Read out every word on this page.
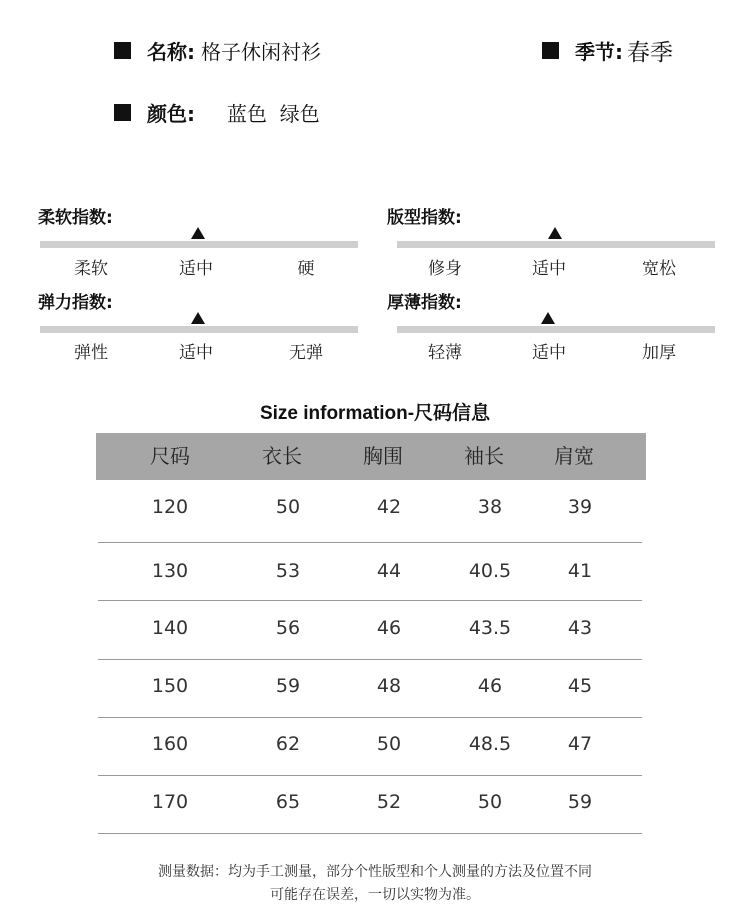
名称: 格子休闲衬衫	季节: 春季
颜色: 蓝色  绿色
柔软指数:
柔软	适中	硬
版型指数:
修身	适中	宽松
弹力指数:
弹性	适中	无弹
厚薄指数:
轻薄	适中	加厚
Size information-尺码信息
尺码	衣长	胸围	袖长	肩宽
120	50	42	38	39
130	53	44	40.5	41
140	56	46	43.5	43
150	59	48	46	45
160	62	50	48.5	47
170	65	52	50	59
测量数据：均为手工测量，部分个性版型和个人测量的方法及位置不同
可能存在误差，一切以实物为准。
